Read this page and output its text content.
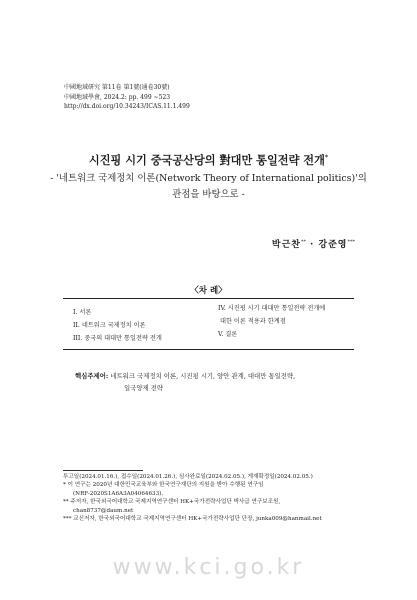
中國地域研究 第11卷 第1號(通卷30號)
中國地域學會, 2024.2: pp. 499 ~523
http://dx.doi.org/10.34243/ICAS.11.1.499
시진핑 시기 중국공산당의 對대만 통일전략 전개*
- '네트워크 국제정치 이론(Network Theory of International politics)'의
관점을 바탕으로 -
박근찬** · 강준영***
〈차 례〉
I. 서론
II. 네트워크 국제정치 이론
III. 중국의 대대만 통일전략 전개
IV. 시진핑 시기 대대만 통일전략 전개에
대한 이론 적용과 한계점
V. 결론
핵심주제어: 네트워크 국제정치 이론, 시진핑 시기, 양안 관계, 대대만 통일전략,
일국양제 전략
투고일(2024.01.16.), 접수일(2024.01.26.), 심사완료일(2024.02.05.), 게재확정일(2024.02.05.)
* 이 연구는 2020년 대한민국교육부와 한국연구재단의 지원을 받아 수행된 연구임
(NRF-2020S1A6A3A04064633).
** 주저자, 한국외국어대학교 국제지역연구센터 HK+국가전략사업단 박사급 연구보조원,
chan8737@daum.net
*** 교신저자, 한국외국어대학교 국제지역연구센터 HK+국가전략사업단 단장, junka009@hanmail.net
www.kci.go.kr
